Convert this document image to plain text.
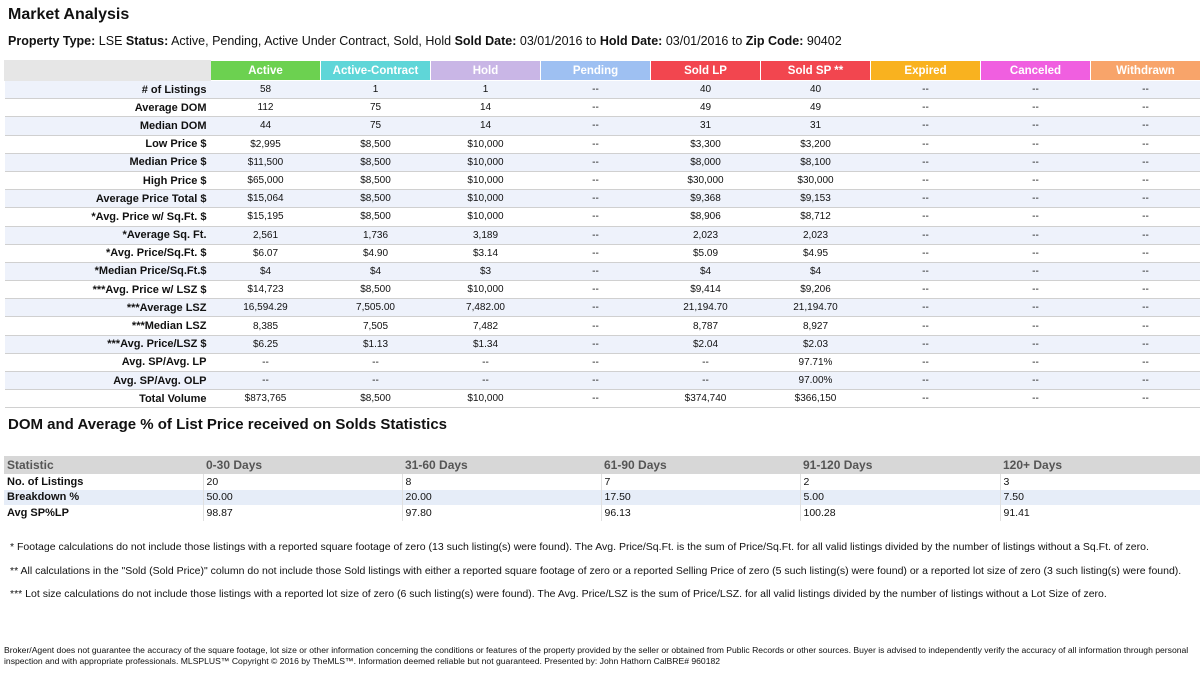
Market Analysis
Property Type: LSE Status: Active, Pending, Active Under Contract, Sold, Hold Sold Date: 03/01/2016 to Hold Date: 03/01/2016 to Zip Code: 90402
	Active	Active-Contract	Hold	Pending	Sold LP	Sold SP **	Expired	Canceled	Withdrawn
# of Listings	58	1	1	--	40	40	--	--	--
Average DOM	112	75	14	--	49	49	--	--	--
Median DOM	44	75	14	--	31	31	--	--	--
Low Price $	$2,995	$8,500	$10,000	--	$3,300	$3,200	--	--	--
Median Price $	$11,500	$8,500	$10,000	--	$8,000	$8,100	--	--	--
High Price $	$65,000	$8,500	$10,000	--	$30,000	$30,000	--	--	--
Average Price Total $	$15,064	$8,500	$10,000	--	$9,368	$9,153	--	--	--
*Avg. Price w/ Sq.Ft. $	$15,195	$8,500	$10,000	--	$8,906	$8,712	--	--	--
*Average Sq. Ft.	2,561	1,736	3,189	--	2,023	2,023	--	--	--
*Avg. Price/Sq.Ft. $	$6.07	$4.90	$3.14	--	$5.09	$4.95	--	--	--
*Median Price/Sq.Ft.$	$4	$4	$3	--	$4	$4	--	--	--
***Avg. Price w/ LSZ $	$14,723	$8,500	$10,000	--	$9,414	$9,206	--	--	--
***Average LSZ	16,594.29	7,505.00	7,482.00	--	21,194.70	21,194.70	--	--	--
***Median LSZ	8,385	7,505	7,482	--	8,787	8,927	--	--	--
***Avg. Price/LSZ $	$6.25	$1.13	$1.34	--	$2.04	$2.03	--	--	--
Avg. SP/Avg. LP	--	--	--	--	--	97.71%	--	--	--
Avg. SP/Avg. OLP	--	--	--	--	--	97.00%	--	--	--
Total Volume	$873,765	$8,500	$10,000	--	$374,740	$366,150	--	--	--
DOM and Average % of List Price received on Solds Statistics
Statistic	0-30 Days	31-60 Days	61-90 Days	91-120 Days	120+ Days
No. of Listings	20	8	7	2	3
Breakdown %	50.00	20.00	17.50	5.00	7.50
Avg SP%LP	98.87	97.80	96.13	100.28	91.41

* Footage calculations do not include those listings with a reported square footage of zero (13 such listing(s) were found). The Avg. Price/Sq.Ft. is the sum of Price/Sq.Ft. for all valid listings divided by the number of listings without a Sq.Ft. of zero.

** All calculations in the "Sold (Sold Price)" column do not include those Sold listings with either a reported square footage of zero or a reported Selling Price of zero (5 such listing(s) were found) or a reported lot size of zero (3 such listing(s) were found).

*** Lot size calculations do not include those listings with a reported lot size of zero (6 such listing(s) were found). The Avg. Price/LSZ is the sum of Price/LSZ. for all valid listings divided by the number of listings without a Lot Size of zero.

Broker/Agent does not guarantee the accuracy of the square footage, lot size or other information concerning the conditions or features of the property provided by the seller or obtained from Public Records or other sources. Buyer is advised to independently verify the accuracy of all information through personal inspection and with appropriate professionals. MLSPLUS™ Copyright © 2016 by TheMLS™. Information deemed reliable but not guaranteed. Presented by: John Hathorn CalBRE# 960182
